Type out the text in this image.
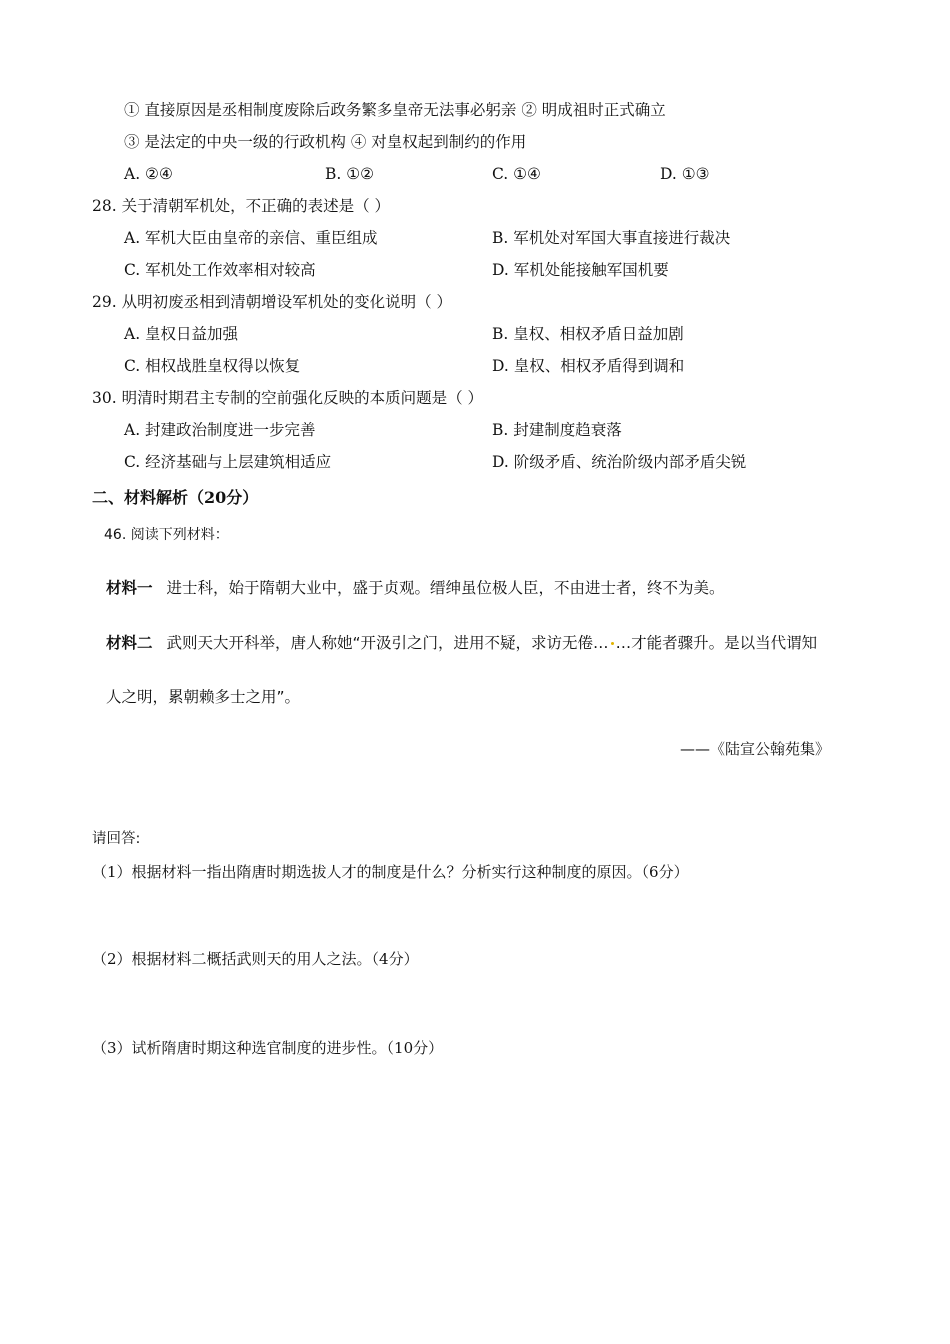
① 直接原因是丞相制度废除后政务繁多皇帝无法事必躬亲 ② 明成祖时正式确立
③ 是法定的中央一级的行政机构 ④ 对皇权起到制约的作用
A. ②④	B. ①②	C. ①④	D. ①③
28. 关于清朝军机处，不正确的表述是（ ）
A. 军机大臣由皇帝的亲信、重臣组成	B. 军机处对军国大事直接进行裁决
C. 军机处工作效率相对较高	D. 军机处能接触军国机要
29. 从明初废丞相到清朝增设军机处的变化说明（ ）
A. 皇权日益加强	B. 皇权、相权矛盾日益加剧
C. 相权战胜皇权得以恢复	D. 皇权、相权矛盾得到调和
30. 明清时期君主专制的空前强化反映的本质问题是（ ）
A. 封建政治制度进一步完善	B. 封建制度趋衰落
C. 经济基础与上层建筑相适应	D. 阶级矛盾、统治阶级内部矛盾尖锐
二、材料解析（20分）
46. 阅读下列材料：
材料一 进士科，始于隋朝大业中，盛于贞观。缙绅虽位极人臣，不由进士者，终不为美。
材料二 武则天大开科举，唐人称她“开汲引之门，进用不疑，求访无倦… …才能者骤升。是以当代谓知
人之明，累朝赖多士之用”。
——《陆宣公翰苑集》
请回答:
（1）根据材料一指出隋唐时期选拔人才的制度是什么？分析实行这种制度的原因。（6分）
（2）根据材料二概括武则天的用人之法。（4分）
（3）试析隋唐时期这种选官制度的进步性。（10分）
